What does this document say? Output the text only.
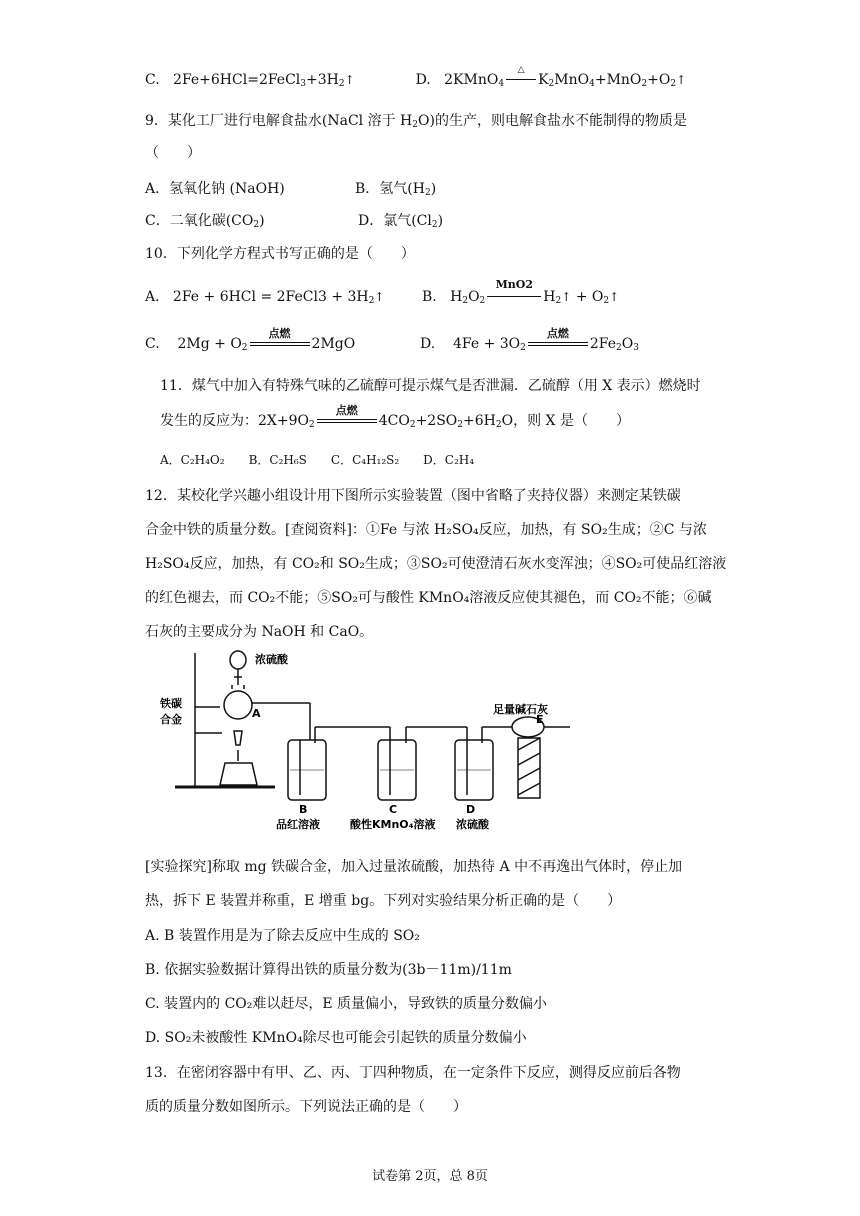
C. $2Fe+6HCl=2FeCl_3+3H_2↑$	D. 2KMnO$_4$
△
$K_2MnO_4+MnO_2+O_2↑$
9．某化工厂进行电解食盐水(NaCl 溶于 $H_2O$)的生产，则电解食盐水不能制得的物质是
（　　）
A．氢氧化钠 (NaOH)	B．氢气$(H_2)$
C．二氧化碳$(CO_2)$	D．氯气$(Cl_2)$
10．下列化学方程式书写正确的是（　　）
A. 2Fe + 6HCl = 2FeCl3 + $3H_2↑$	B. $H_2O_2$
MnO2
$H_2↑$ + $O_2↑$
C. $2Mg + O_2$
点燃
2MgO	D. $4Fe + 3O_2$
点燃
$2Fe_2O_3$
11．煤气中加入有特殊气味的乙硫醇可提示煤气是否泄漏．乙硫醇（用 X 表示）燃烧时
发生的反应为：$2X+9O_2$
点燃
$4CO_2+2SO_2+6H_2O$，则 X 是（　　）
A．C₂H₄O₂　　B．C₂H₆S　　C．C₄H₁₂S₂　　D．C₂H₄
12．某校化学兴趣小组设计用下图所示实验装置（图中省略了夹持仪器）来测定某铁碳
合金中铁的质量分数。[查阅资料]：①Fe 与浓 H₂SO₄反应，加热，有 SO₂生成；②C 与浓
H₂SO₄反应，加热，有 CO₂和 SO₂生成；③SO₂可使澄清石灰水变浑浊；④SO₂可使品红溶液
的红色褪去，而 CO₂不能；⑤SO₂可与酸性 KMnO₄溶液反应使其褪色，而 CO₂不能；⑥碱
石灰的主要成分为 NaOH 和 CaO。
浓硫酸
铁碳
合金	A	足量碱石灰
E
B	C	D
品红溶液	酸性KMnO₄溶液 浓硫酸
[实验探究]称取 mg 铁碳合金，加入过量浓硫酸，加热待 A 中不再逸出气体时，停止加
热，拆下 E 装置并称重，E 增重 bg。下列对实验结果分析正确的是（　　）
A. B 装置作用是为了除去反应中生成的 SO₂
B. 依据实验数据计算得出铁的质量分数为(3b－11m)/11m
C. 装置内的 CO₂难以赶尽，E 质量偏小，导致铁的质量分数偏小
D. SO₂未被酸性 KMnO₄除尽也可能会引起铁的质量分数偏小
13．在密闭容器中有甲、乙、丙、丁四种物质，在一定条件下反应，测得反应前后各物
质的质量分数如图所示。下列说法正确的是（　　）
试卷第 2页，总 8页
